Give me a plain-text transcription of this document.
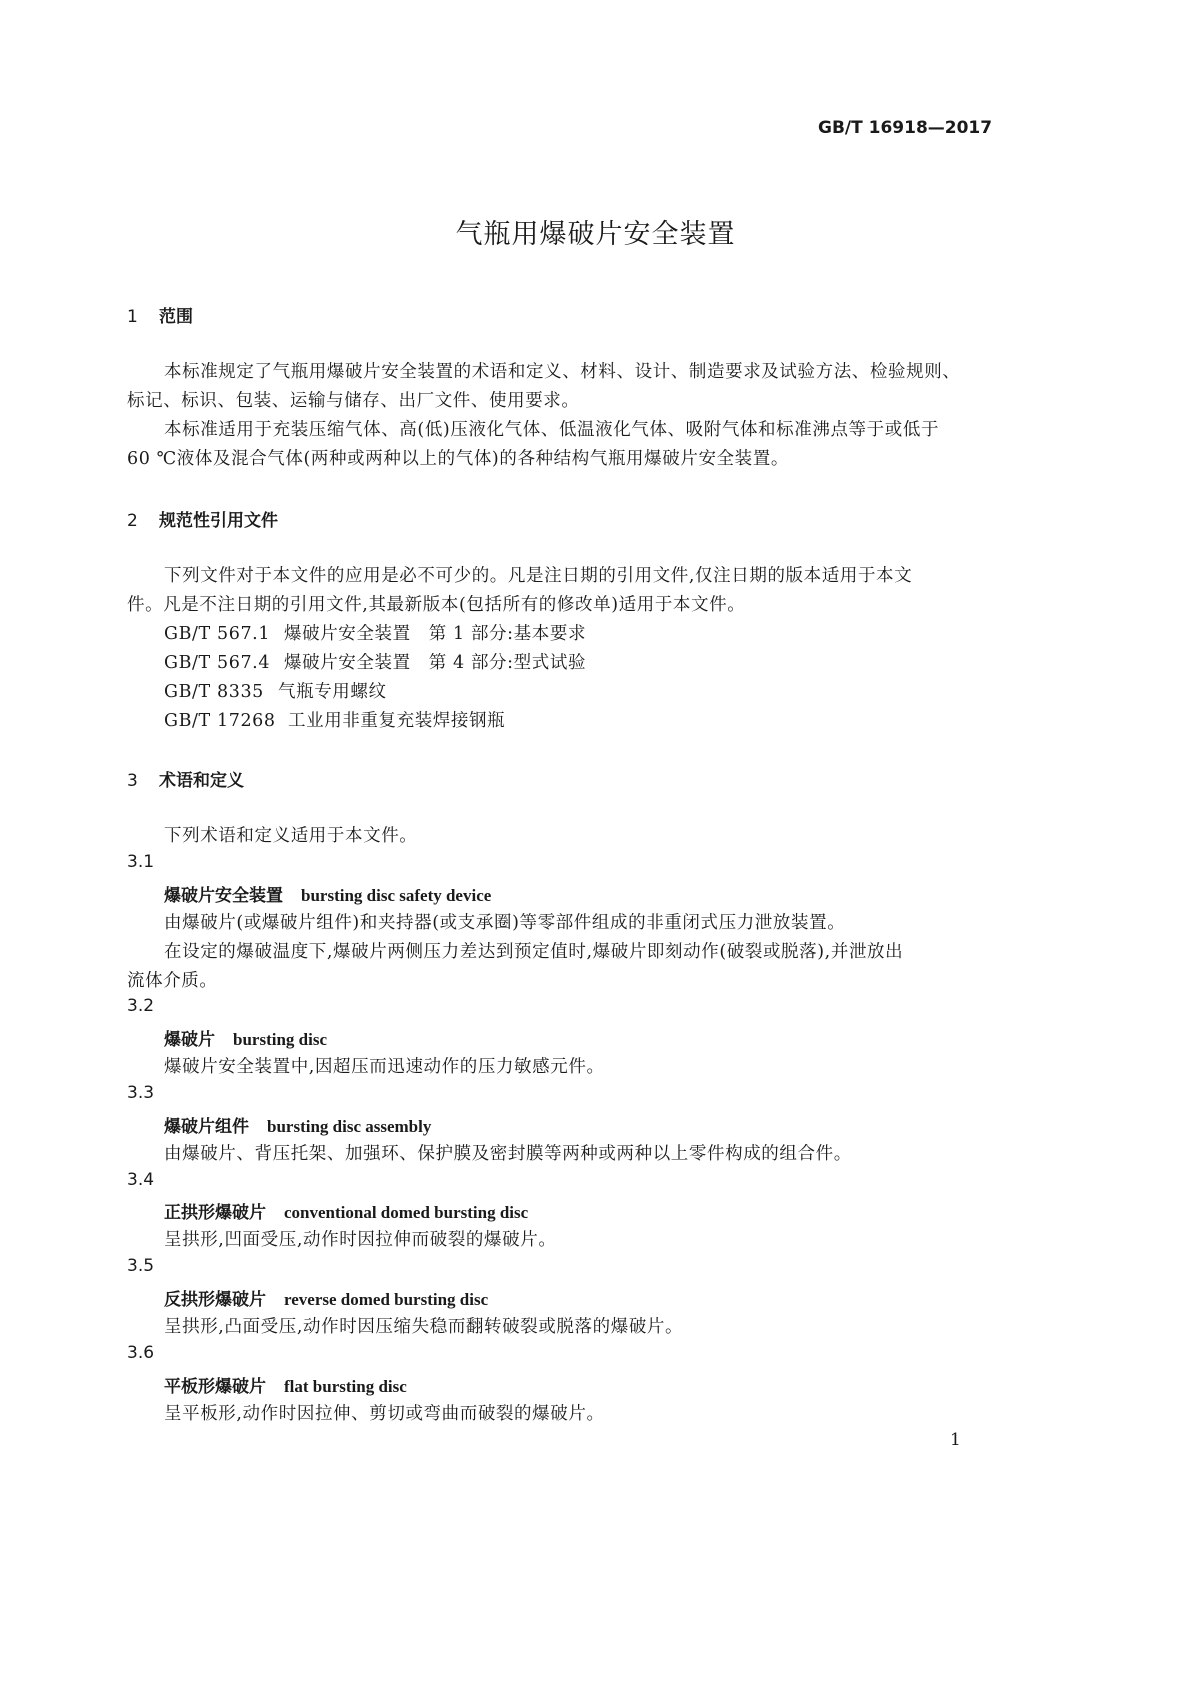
GB/T 16918—2017
气瓶用爆破片安全装置
1 范围
本标准规定了气瓶用爆破片安全装置的术语和定义、材料、设计、制造要求及试验方法、检验规则、
标记、标识、包装、运输与储存、出厂文件、使用要求。
本标准适用于充装压缩气体、高(低)压液化气体、低温液化气体、吸附气体和标准沸点等于或低于
60 ℃液体及混合气体(两种或两种以上的气体)的各种结构气瓶用爆破片安全装置。
2 规范性引用文件
下列文件对于本文件的应用是必不可少的。凡是注日期的引用文件,仅注日期的版本适用于本文
件。凡是不注日期的引用文件,其最新版本(包括所有的修改单)适用于本文件。
GB/T 567.1 爆破片安全装置　第 1 部分:基本要求
GB/T 567.4 爆破片安全装置　第 4 部分:型式试验
GB/T 8335 气瓶专用螺纹
GB/T 17268 工业用非重复充装焊接钢瓶
3 术语和定义
下列术语和定义适用于本文件。
3.1
爆破片安全装置 bursting disc safety device
由爆破片(或爆破片组件)和夹持器(或支承圈)等零部件组成的非重闭式压力泄放装置。
在设定的爆破温度下,爆破片两侧压力差达到预定值时,爆破片即刻动作(破裂或脱落),并泄放出
流体介质。
3.2
爆破片 bursting disc
爆破片安全装置中,因超压而迅速动作的压力敏感元件。
3.3
爆破片组件 bursting disc assembly
由爆破片、背压托架、加强环、保护膜及密封膜等两种或两种以上零件构成的组合件。
3.4
正拱形爆破片 conventional domed bursting disc
呈拱形,凹面受压,动作时因拉伸而破裂的爆破片。
3.5
反拱形爆破片 reverse domed bursting disc
呈拱形,凸面受压,动作时因压缩失稳而翻转破裂或脱落的爆破片。
3.6
平板形爆破片 flat bursting disc
呈平板形,动作时因拉伸、剪切或弯曲而破裂的爆破片。
1
